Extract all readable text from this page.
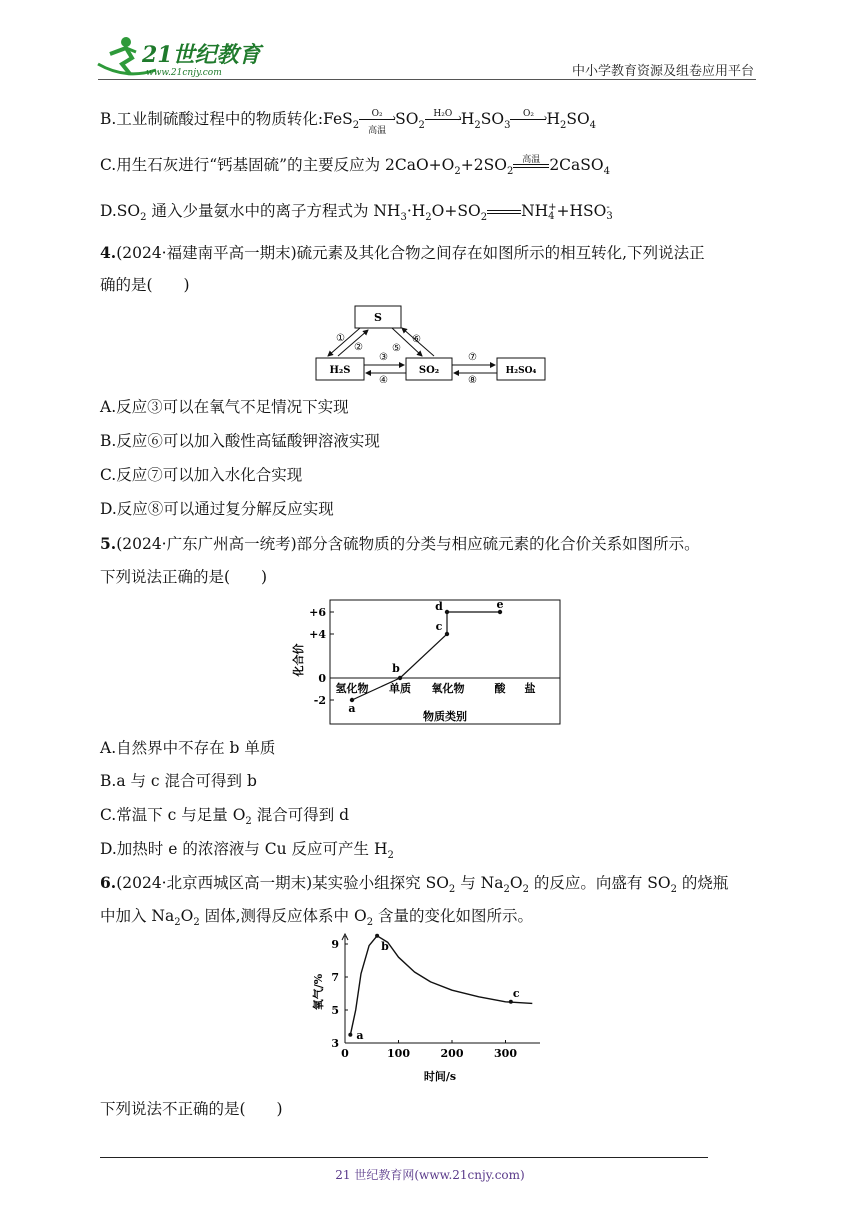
21世纪教育
www.21cnjy.com	中小学教育资源及组卷应用平台
B.工业制硫酸过程中的物质转化:FeS$_2$
O₂ ›
高温
$SO_2$
H₂O › $H_2SO_3$
O₂ › $H_2SO_4$
C.用生石灰进行“钙基固硫”的主要反应为 $2CaO+O_2+2SO_2$
高温 2CaSO$_4$
$D.SO_2$ 通入少量氨水中的离子方程式为 $NH_3\cdot H_2O+SO_2$ NH+
4 +HSO-
3
4.(2024·福建南平高一期末)硫元素及其化合物之间存在如图所示的相互转化,下列说法正
确的是(　　)
S
H₂S	SO₂	H₂SO₄
①
②	⑤
⑥
③
④
⑦
⑧
A.反应③可以在氧气不足情况下实现
B.反应⑥可以加入酸性高锰酸钾溶液实现
C.反应⑦可以加入水化合实现
D.反应⑧可以通过复分解反应实现
5.(2024·广东广州高一统考)部分含硫物质的分类与相应硫元素的化合价关系如图所示。
下列说法正确的是(　　)
化合价
物质类别
+6
+4
0
-2
氢化物 单质 氧化物	酸 盐
a
b
c
d	e
A.自然界中不存在 b 单质
B.a 与 c 混合可得到 b
C.常温下 c 与足量 $O_2$ 混合可得到 d
D.加热时 e 的浓溶液与 Cu 反应可产生 $H_2$
6.(2024·北京西城区高一期末)某实验小组探究 $SO_2$ 与 $Na_2O_2$ 的反应。向盛有 $SO_2$ 的烧瓶
中加入 $Na_2O_2$ 固体,测得反应体系中 $O_2$ 含量的变化如图所示。
氧气/%
时间/s
3
5
7
9
0	100	200	300
a
b
c
下列说法不正确的是(　　)
21 世纪教育网(www.21cnjy.com)
